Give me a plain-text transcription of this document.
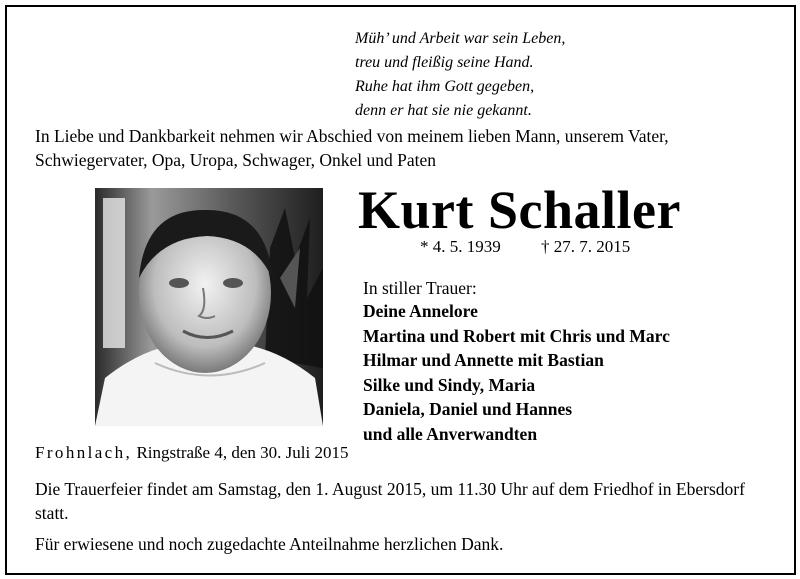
Müh’ und Arbeit war sein Leben,
treu und fleißig seine Hand.
Ruhe hat ihm Gott gegeben,
denn er hat sie nie gekannt.
In Liebe und Dankbarkeit nehmen wir Abschied von meinem lieben Mann, unserem Vater, Schwiegervater, Opa, Uropa, Schwager, Onkel und Paten
Kurt Schaller
* 4. 5. 1939 † 27. 7. 2015
In stiller Trauer:
Deine Annelore
Martina und Robert mit Chris und Marc
Hilmar und Annette mit Bastian
Silke und Sindy, Maria
Daniela, Daniel und Hannes
und alle Anverwandten
Frohnlach, Ringstraße 4, den 30. Juli 2015
Die Trauerfeier findet am Samstag, den 1. August 2015, um 11.30 Uhr auf dem Friedhof in Ebersdorf statt.
Für erwiesene und noch zugedachte Anteilnahme herzlichen Dank.
